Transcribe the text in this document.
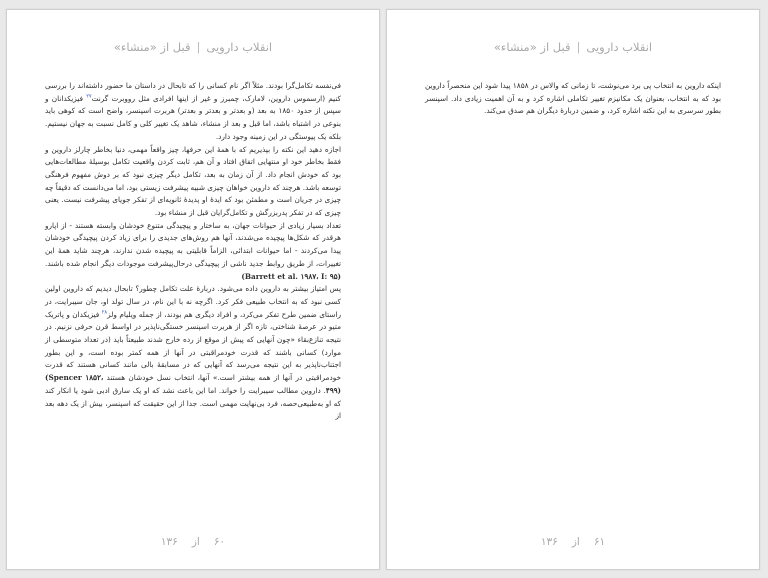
انقلاب دارویی|قبل از «منشاء»

فی‌نفسه تکامل‌گرا بودند. مثلاً اگر نام کسانی را که تابحال در داستان ما حضور داشته‌اند را بررسی کنیم (ارسموس داروین، لامارک، چمبرز و غیر از اینها افرادی مثل رووبرت گرنت$^{۲۷}$ فیزیکدانان و سپس از حدود ۱۸۵۰ به بعد (و بعدتر و بعدتر و بعدتر) هربرت اسپنسر، واضح است که کوهی باید بنوعی در اشتباه باشد، اما قبل و بعد از منشاء، شاهد یک تغییر کلی و کامل نسبت به جهان نیستیم. بلکه یک پیوستگی در این زمینه وجود دارد.

اجازه دهید این نکته را بپذیریم که با همهٔ این حرفها، چیز واقعاً مهمی، دنیا بخاطر چارلز داروین و فقط بخاطر خود او منتهایی اتفاق افتاد و آن هم، ثابت کردن واقعیت تکامل بوسیلهٔ مطالعات‌هایی بود که خودش انجام داد. از آن زمان به بعد، تکامل دیگر چیزی نبود که بر دوش مفهوم فرهنگی توسعه باشد. هرچند که داروین خواهان چیزی شبیه پیشرفت زیستی بود، اما می‌دانست که دقیقاً چه چیزی در جریان است و مطمئن بود که ایدهٔ او پدیدهٔ ثانویه‌ای از تفکر جویای پیشرفت نیست. یعنی چیزی که در تفکر پدربزرگش و تکامل‌گرایان قبل از منشاء بود.

تعداد بسیار زیادی از حیوانات جهان، به ساختار و پیچیدگی متنوع خودشان وابسته هستند - از اپارو هرقدر که شکل‌ها پیچیده می‌شدند، آنها هم روش‌های جدیدی را برای زیاد کردن پیچیدگی خودشان پیدا می‌کردند - اما حیوانات ابتدائی، الزاماً قابلیتی به پیچیده شدن ندارند، هرچند شاید همهٔ این تغییرات، از طریق روابط جدید ناشی از پیچیدگی درحال‌پیشرفت موجودات دیگر انجام شده باشند. (Barrett et al. ۱۹۸۷، I: ۹۵)

پس امتیاز بیشتر به داروین داده می‌شود. دربارهٔ علت تکامل چطور؟ تابحال دیدیم که داروین اولین کسی نبود که به انتخاب طبیعی فکر کرد. اگرچه نه با این نام، در سال تولد او، جان سیبرایت، در راستای ضمین طرح تفکر می‌کرد، و افراد دیگری هم بودند، از جمله ویلیام ولز$^{۲۸}$ فیزیکدان و پاتریک متیو در عرصهٔ شناختی، تازه اگر از هربرت اسپنسر خستگی‌ناپذیر در اواسط قرن حرفی نزنیم. در نتیجه تنازع‌بقاء «چون آنهایی که پیش از موقع از رده خارج شدند طبیعتاً باید (در تعداد متوسطی از موارد) کسانی باشند که قدرت خودمراقبتی در آنها از همه کمتر بوده است، و این بطور اجتناب‌ناپذیر به این نتیجه می‌رسد که آنهایی که در مسابقهٔ بالی مانند کسانی هستند که قدرت خودمراقبتی در آنها از همه بیشتر است.» آنها، انتخاب نسل خودشان هستند (Spencer ۱۸۵۲، ۴۹۹). داروین مطالب سیبرایت را خواند. اما این باعث نشد که او یک سارق ادبی شود یا انکار کند که او به‌طبیعی‌حصه، فرد بی‌نهایت مهمی است. جدا از این حقیقت که اسپنسر، بیش از یک دهه بعد از

۶۰از۱۳۶
انقلاب دارویی|قبل از «منشاء»

اینکه داروین به انتخاب پی برد می‌نوشت، تا زمانی که والاس در ۱۸۵۸ پیدا شود این منحصراً داروین بود که به انتخاب، بعنوان یک مکانیزم تغییر تکاملی اشاره کرد و به آن اهمیت زیادی داد. اسپنسر بطور سرسری به این نکته اشاره کرد، و ضمین دربارهٔ دیگران هم صدق می‌کند.

۶۱از۱۳۶
